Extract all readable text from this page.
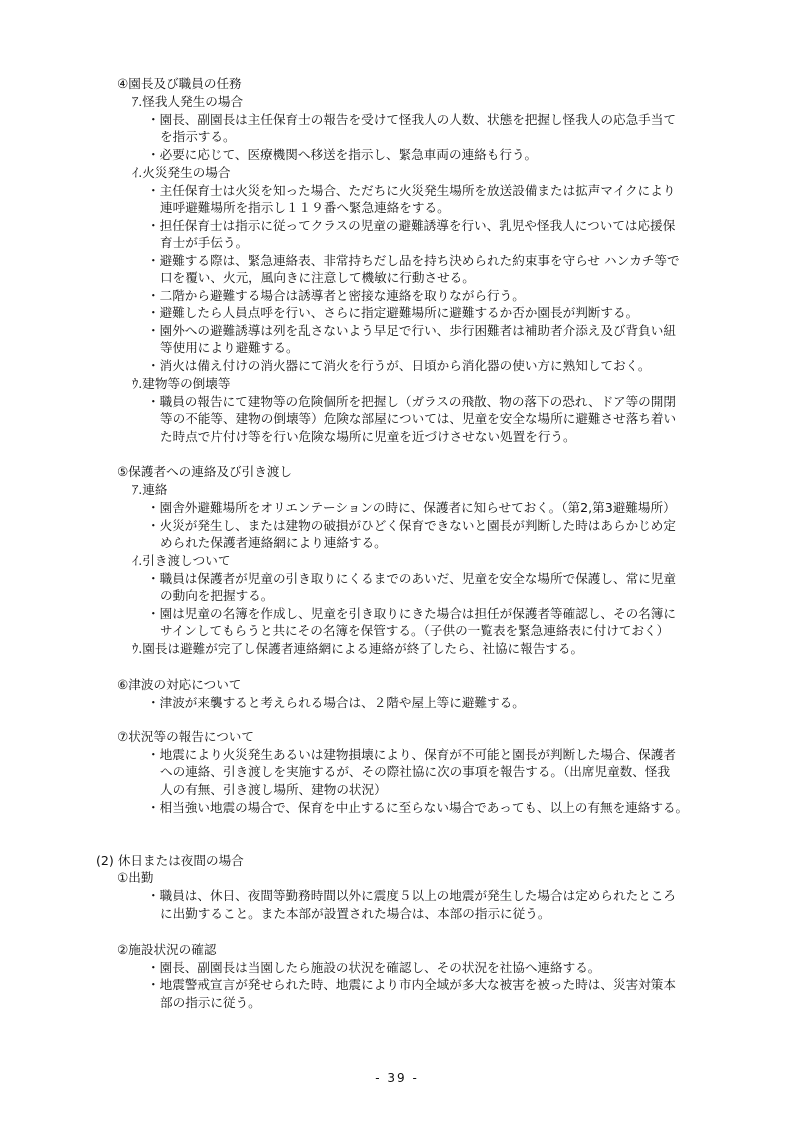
④園長及び職員の任務
ｱ.怪我人発生の場合
・園長、副園長は主任保育士の報告を受けて怪我人の人数、状態を把握し怪我人の応急手当て
を指示する。
・必要に応じて、医療機関へ移送を指示し、緊急車両の連絡も行う。
ｲ.火災発生の場合
・主任保育士は火災を知った場合、ただちに火災発生場所を放送設備または拡声マイクにより
連呼避難場所を指示し１１９番へ緊急連絡をする。
・担任保育士は指示に従ってクラスの児童の避難誘導を行い、乳児や怪我人については応援保
育士が手伝う。
・避難する際は、緊急連絡表、非常持ちだし品を持ち決められた約束事を守らせ ハンカチ等で
口を覆い、火元，風向きに注意して機敏に行動させる。
・二階から避難する場合は誘導者と密接な連絡を取りながら行う。
・避難したら人員点呼を行い、さらに指定避難場所に避難するか否か園長が判断する。
・園外への避難誘導は列を乱さないよう早足で行い、歩行困難者は補助者介添え及び背負い紐
等使用により避難する。
・消火は備え付けの消火器にて消火を行うが、日頃から消化器の使い方に熟知しておく。
ｳ.建物等の倒壊等
・職員の報告にて建物等の危険個所を把握し（ガラスの飛散、物の落下の恐れ、ドア等の開閉
等の不能等、建物の倒壊等）危険な部屋については、児童を安全な場所に避難させ落ち着い
た時点で片付け等を行い危険な場所に児童を近づけさせない処置を行う。
⑤保護者への連絡及び引き渡し
ｱ.連絡
・園舎外避難場所をオリエンテーションの時に、保護者に知らせておく。（第2,第3避難場所）
・火災が発生し、または建物の破損がひどく保育できないと園長が判断した時はあらかじめ定
められた保護者連絡網により連絡する。
ｲ.引き渡しついて
・職員は保護者が児童の引き取りにくるまでのあいだ、児童を安全な場所で保護し、常に児童
の動向を把握する。
・園は児童の名簿を作成し、児童を引き取りにきた場合は担任が保護者等確認し、その名簿に
サインしてもらうと共にその名簿を保管する。（子供の一覧表を緊急連絡表に付けておく）
ｳ.園長は避難が完了し保護者連絡網による連絡が終了したら、社協に報告する。
⑥津波の対応について
・津波が来襲すると考えられる場合は、２階や屋上等に避難する。
⑦状況等の報告について
・地震により火災発生あるいは建物損壊により、保育が不可能と園長が判断した場合、保護者
への連絡、引き渡しを実施するが、その際社協に次の事項を報告する。（出席児童数、怪我
人の有無、引き渡し場所、建物の状況）
・相当強い地震の場合で、保育を中止するに至らない場合であっても、以上の有無を連絡する。
(2) 休日または夜間の場合
①出勤
・職員は、休日、夜間等勤務時間以外に震度５以上の地震が発生した場合は定められたところ
に出勤すること。また本部が設置された場合は、本部の指示に従う。
②施設状況の確認
・園長、副園長は当園したら施設の状況を確認し、その状況を社協へ連絡する。
・地震警戒宣言が発せられた時、地震により市内全域が多大な被害を被った時は、災害対策本
部の指示に従う。
- 39 -
